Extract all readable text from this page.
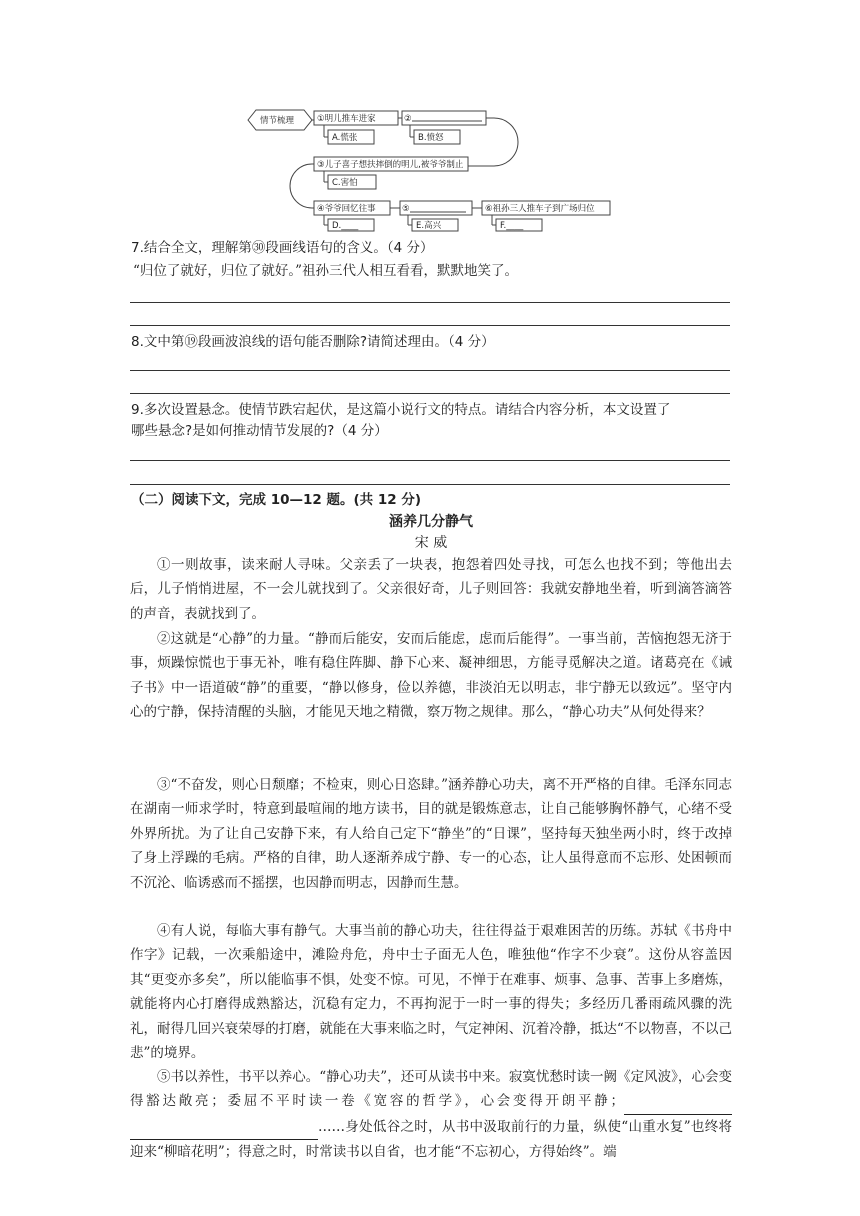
情节梳理	①明儿推车进家
A.慌张
②
B.愤怒
③儿子喜子想扶摔倒的明儿,被爷爷制止
C.害怕
④爷爷回忆往事
D.____
⑤
E.高兴
⑥祖孙三人推车子到广场归位
F.____
7.结合全文，理解第㉚段画线语句的含义。（4 分）
“归位了就好，归位了就好。”祖孙三代人相互看看，默默地笑了。
8.文中第⑲段画波浪线的语句能否删除?请简述理由。（4 分）
9.多次设置悬念。使情节跌宕起伏，是这篇小说行文的特点。请结合内容分析，本文设置了
哪些悬念?是如何推动情节发展的?（4 分）
（二）阅读下文，完成 10—12 题。(共 12 分)
涵养几分静气
宋 威
①一则故事，读来耐人寻味。父亲丢了一块表，抱怨着四处寻找，可怎么也找不到；等他出去后，儿子悄悄进屋，不一会儿就找到了。父亲很好奇，儿子则回答：我就安静地坐着，听到滴答滴答的声音，表就找到了。
②这就是“心静”的力量。“静而后能安，安而后能虑，虑而后能得”。一事当前，苦恼抱怨无济于事，烦躁惊慌也于事无补，唯有稳住阵脚、静下心来、凝神细思，方能寻觅解决之道。诸葛亮在《诫子书》中一语道破“静”的重要，“静以修身，俭以养德，非淡泊无以明志，非宁静无以致远”。坚守内心的宁静，保持清醒的头脑，才能见天地之精微，察万物之规律。那么，“静心功夫”从何处得来？
③“不奋发，则心日颓靡；不检束，则心日恣肆。”涵养静心功夫，离不开严格的自律。毛泽东同志在湖南一师求学时，特意到最喧闹的地方读书，目的就是锻炼意志，让自己能够胸怀静气，心绪不受外界所扰。为了让自己安静下来，有人给自己定下“静坐”的“日课”，坚持每天独坐两小时，终于改掉了身上浮躁的毛病。严格的自律，助人逐渐养成宁静、专一的心态，让人虽得意而不忘形、处困顿而不沉沦、临诱惑而不摇摆，也因静而明志，因静而生慧。
④有人说，每临大事有静气。大事当前的静心功夫，往往得益于艰难困苦的历练。苏轼《书舟中作字》记载，一次乘船途中，滩险舟危，舟中士子面无人色，唯独他“作字不少衰”。这份从容盖因其“更变亦多矣”，所以能临事不惧，处变不惊。可见，不惮于在难事、烦事、急事、苦事上多磨炼，就能将内心打磨得成熟豁达，沉稳有定力，不再拘泥于一时一事的得失；多经历几番雨疏风骤的洗礼，耐得几回兴衰荣辱的打磨，就能在大事来临之时，气定神闲、沉着冷静，抵达“不以物喜，不以己悲”的境界。
⑤书以养性，书平以养心。“静心功夫”，还可从读书中来。寂寞忧愁时读一阙《定风波》，心会变得豁达敞亮；委屈不平时读一卷《宽容的哲学》，心会变得开朗平静；  ……身处低谷之时，从书中汲取前行的力量，纵使“山重水复”也终将迎来“柳暗花明”；得意之时，时常读书以自省，也才能“不忘初心，方得始终”。端
